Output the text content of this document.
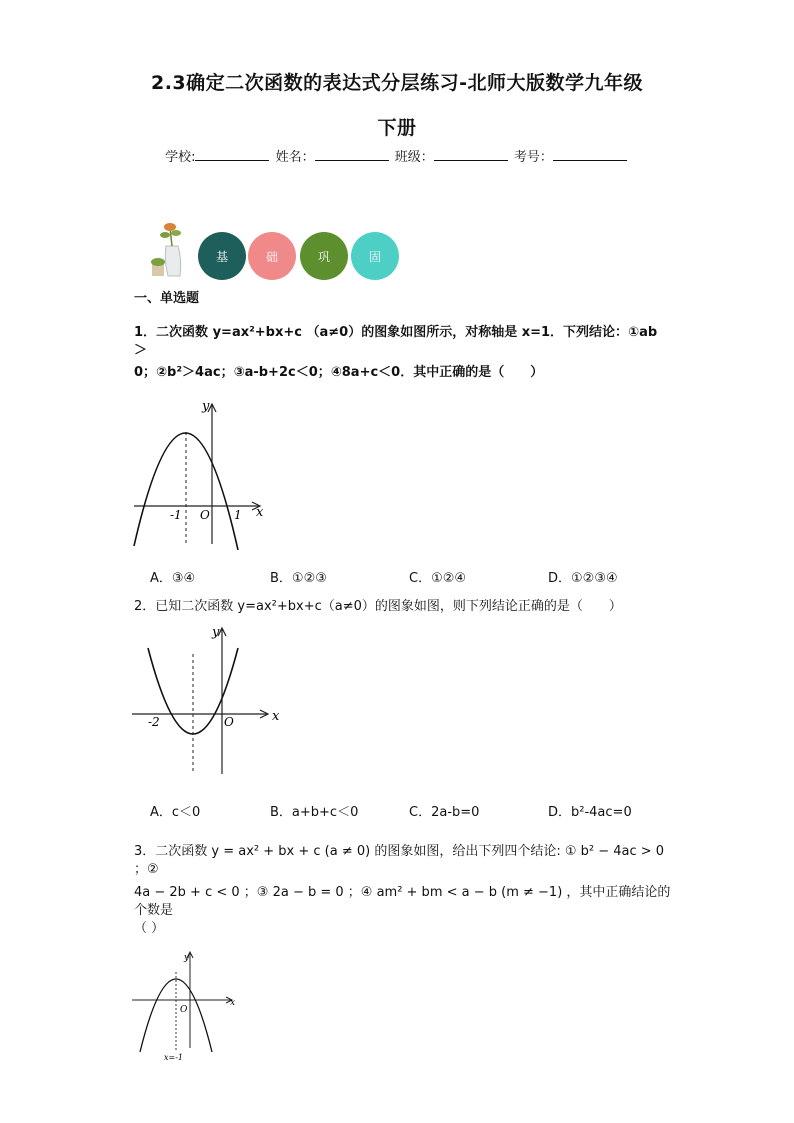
2.3确定二次函数的表达式分层练习-北师大版数学九年级
下册
学校:	姓名：	班级：	考号：
基	础	巩	固
一、单选题
1．二次函数 y=ax²+bx+c （a≠0）的图象如图所示，对称轴是 x=1．下列结论：①ab＞
0；②b²＞4ac；③a-b+2c＜0；④8a+c＜0．其中正确的是（　　）
y
x
-1 O 1
A．③④	B．①②③	C．①②④	D．①②③④
2．已知二次函数 y=ax²+bx+c（a≠0）的图象如图，则下列结论正确的是（　　）
y
x
-2	O
A．c＜0	B．a+b+c＜0	C．2a-b=0	D．b²-4ac=0
3．二次函数 y = ax² + bx + c (a ≠ 0) 的图象如图，给出下列四个结论: ① b² − 4ac > 0 ；②
4a − 2b + c < 0 ；③ 2a − b = 0 ；④ am² + bm < a − b (m ≠ −1) ，其中正确结论的个数是
（ ）
y
x
O
x=-1
